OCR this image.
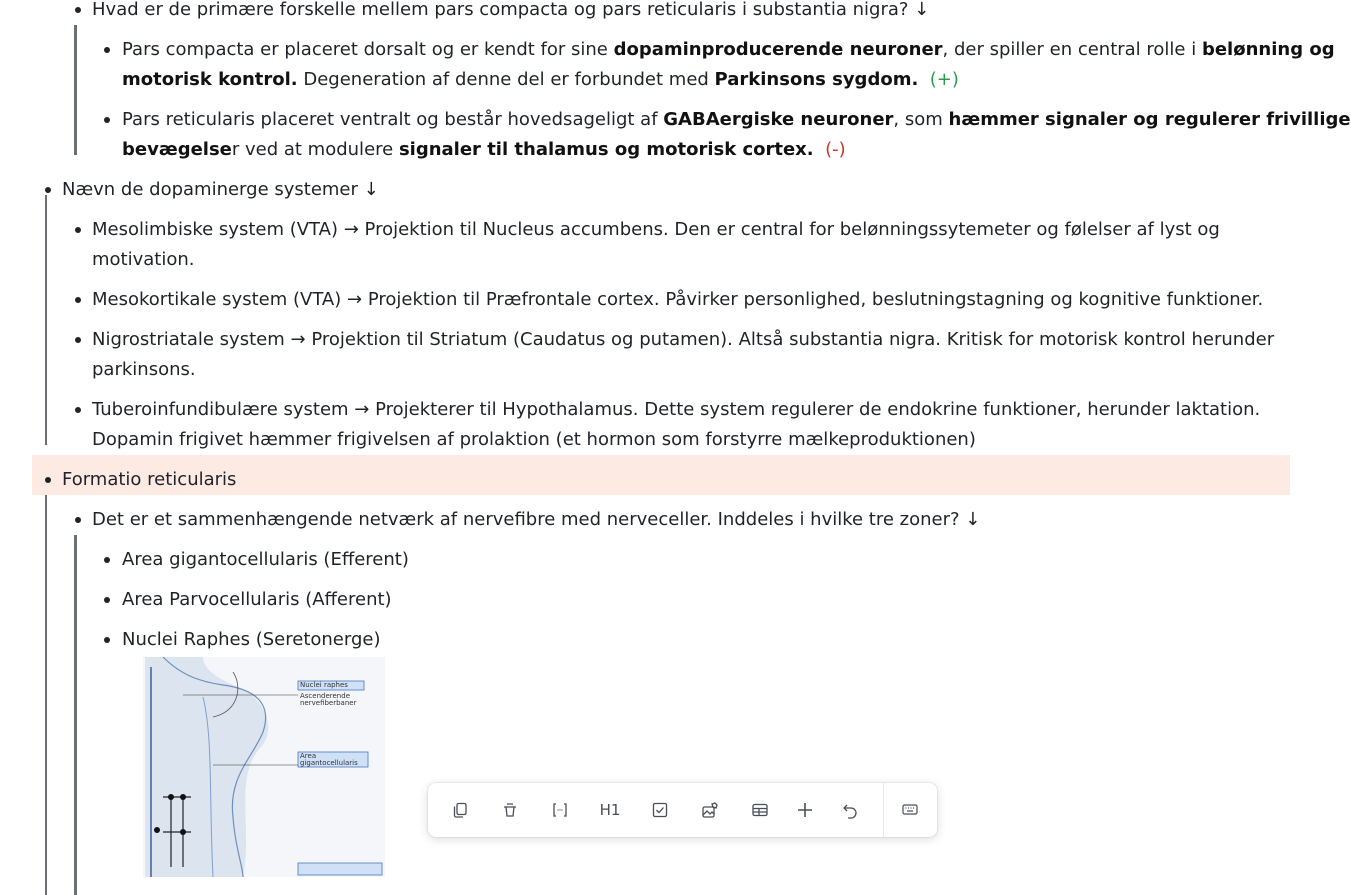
Hvad er de primære forskelle mellem pars compacta og pars reticularis i substantia nigra? ↓
Pars compacta er placeret dorsalt og er kendt for sine dopaminproducerende neuroner, der spiller en central rolle i belønning og
motorisk kontrol. Degeneration af denne del er forbundet med Parkinsons sygdom. (+)
Pars reticularis placeret ventralt og består hovedsageligt af GABAergiske neuroner, som hæmmer signaler og regulerer frivillige
bevægelser ved at modulere signaler til thalamus og motorisk cortex. (-)
Nævn de dopaminerge systemer ↓
Mesolimbiske system (VTA) → Projektion til Nucleus accumbens. Den er central for belønningssytemeter og følelser af lyst og
motivation.
Mesokortikale system (VTA) → Projektion til Præfrontale cortex. Påvirker personlighed, beslutningstagning og kognitive funktioner.
Nigrostriatale system → Projektion til Striatum (Caudatus og putamen). Altså substantia nigra. Kritisk for motorisk kontrol herunder
parkinsons.
Tuberoinfundibulære system → Projekterer til Hypothalamus. Dette system regulerer de endokrine funktioner, herunder laktation.
Dopamin frigivet hæmmer frigivelsen af prolaktion (et hormon som forstyrre mælkeproduktionen)
Formatio reticularis
Det er et sammenhængende netværk af nervefibre med nerveceller. Inddeles i hvilke tre zoner? ↓
Area gigantocellularis (Efferent)
Area Parvocellularis (Afferent)
Nuclei Raphes (Seretonerge)
Nuclei raphes
Ascenderende
nervefiberbaner
Area
gigantocellularis
H1
